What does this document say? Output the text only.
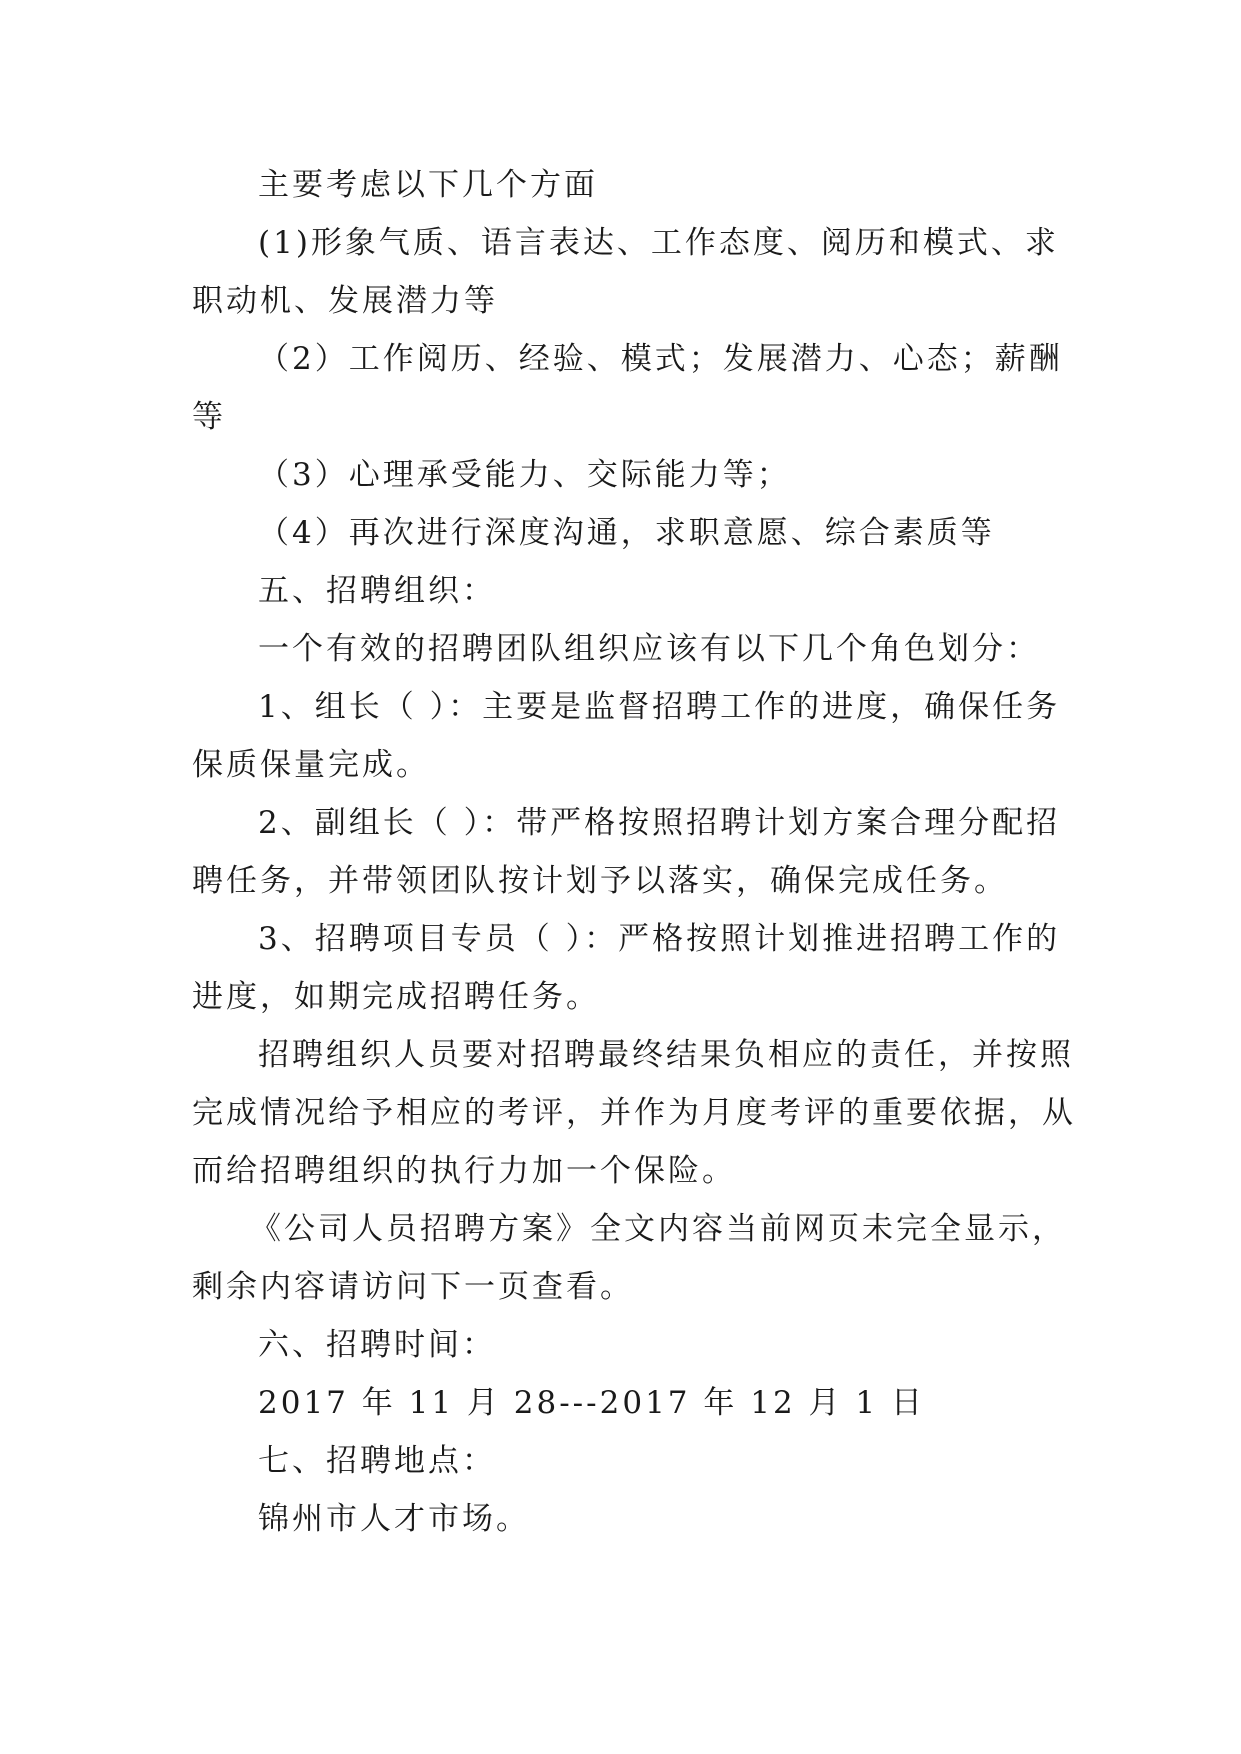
主要考虑以下几个方面

(1)形象气质、语言表达、工作态度、阅历和模式、求

职动机、发展潜力等

（2）工作阅历、经验、模式；发展潜力、心态；薪酬

等

（3）心理承受能力、交际能力等；

（4）再次进行深度沟通，求职意愿、综合素质等

五、招聘组织：

一个有效的招聘团队组织应该有以下几个角色划分：

1、组长（ ）：主要是监督招聘工作的进度，确保任务

保质保量完成。

2、副组长（ ）：带严格按照招聘计划方案合理分配招

聘任务，并带领团队按计划予以落实，确保完成任务。

3、招聘项目专员（ ）：严格按照计划推进招聘工作的

进度，如期完成招聘任务。

招聘组织人员要对招聘最终结果负相应的责任，并按照

完成情况给予相应的考评，并作为月度考评的重要依据，从

而给招聘组织的执行力加一个保险。

《公司人员招聘方案》全文内容当前网页未完全显示，

剩余内容请访问下一页查看。

六、招聘时间：

2017 年 11 月 28---2017 年 12 月 1 日

七、招聘地点：

锦州市人才市场。
